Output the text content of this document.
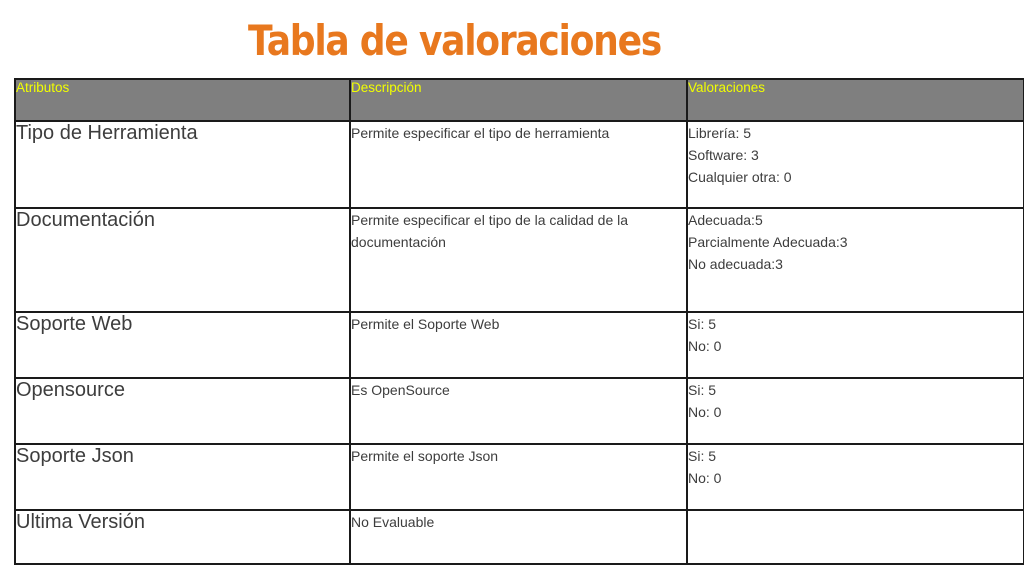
Tabla de valoraciones
Atributos	Descripción	Valoraciones
Tipo de Herramienta	Permite especificar el tipo de herramienta	Librería: 5
Software: 3
Cualquier otra: 0

Documentación	Permite especificar el tipo de la calidad de la documentación	Adecuada:5
Parcialmente Adecuada:3
No adecuada:3

Soporte Web	Permite el Soporte Web	Si: 5
No: 0

Opensource	Es OpenSource	Si: 5
No: 0

Soporte Json	Permite el soporte Json	Si: 5
No: 0

Ultima Versión	No Evaluable	
